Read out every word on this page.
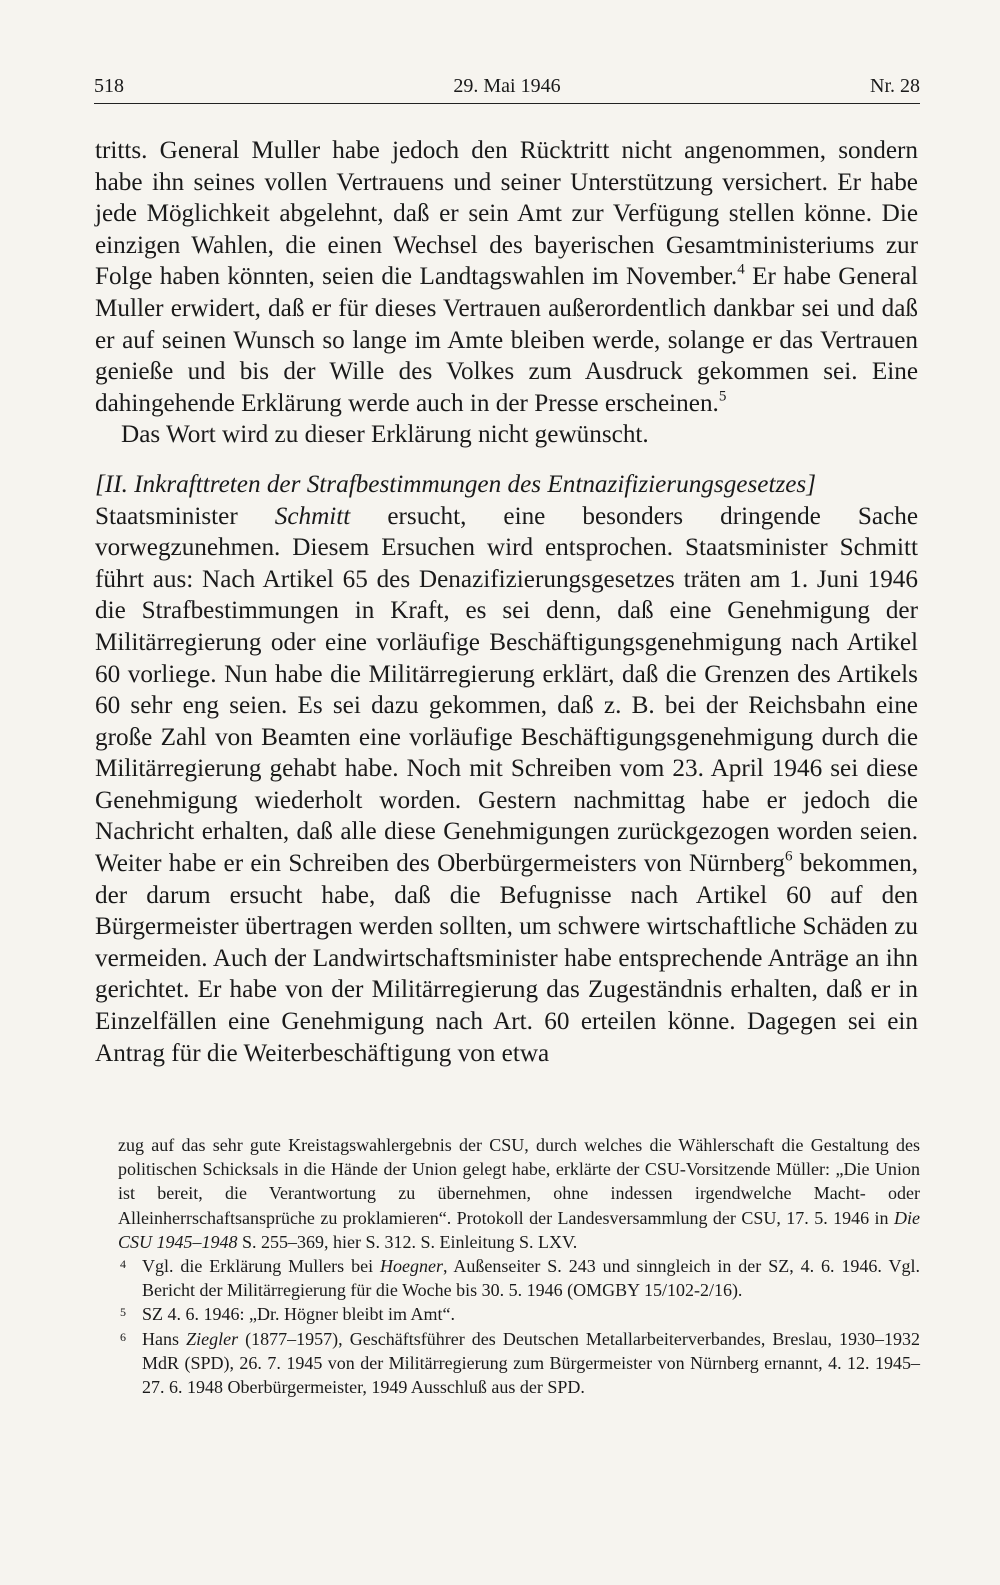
518	29. Mai 1946	Nr. 28

tritts. General Muller habe jedoch den Rücktritt nicht angenommen, sondern habe ihn seines vollen Vertrauens und seiner Unterstützung versichert. Er habe jede Möglichkeit abgelehnt, daß er sein Amt zur Verfügung stellen könne. Die einzigen Wahlen, die einen Wechsel des bayerischen Gesamtministeriums zur Folge haben könnten, seien die Landtagswahlen im November.$^4$ Er habe General Muller erwidert, daß er für dieses Vertrauen außerordentlich dankbar sei und daß er auf seinen Wunsch so lange im Amte bleiben werde, solange er das Vertrauen genieße und bis der Wille des Volkes zum Ausdruck gekommen sei. Eine dahingehende Erklärung werde auch in der Presse erscheinen.$^5$

Das Wort wird zu dieser Erklärung nicht gewünscht.

[II. Inkrafttreten der Strafbestimmungen des Entnazifizierungsgesetzes]

Staatsminister Schmitt ersucht, eine besonders dringende Sache vorwegzunehmen. Diesem Ersuchen wird entsprochen. Staatsminister Schmitt führt aus: Nach Artikel 65 des Denazifizierungsgesetzes träten am 1. Juni 1946 die Strafbestimmungen in Kraft, es sei denn, daß eine Genehmigung der Militärregierung oder eine vorläufige Beschäftigungsgenehmigung nach Artikel 60 vorliege. Nun habe die Militärregierung erklärt, daß die Grenzen des Artikels 60 sehr eng seien. Es sei dazu gekommen, daß z. B. bei der Reichsbahn eine große Zahl von Beamten eine vorläufige Beschäftigungsgenehmigung durch die Militärregierung gehabt habe. Noch mit Schreiben vom 23. April 1946 sei diese Genehmigung wiederholt worden. Gestern nachmittag habe er jedoch die Nachricht erhalten, daß alle diese Genehmigungen zurückgezogen worden seien. Weiter habe er ein Schreiben des Oberbürgermeisters von Nürnberg$^6$ bekommen, der darum ersucht habe, daß die Befugnisse nach Artikel 60 auf den Bürgermeister übertragen werden sollten, um schwere wirtschaftliche Schäden zu vermeiden. Auch der Landwirtschaftsminister habe entsprechende Anträge an ihn gerichtet. Er habe von der Militärregierung das Zugeständnis erhalten, daß er in Einzelfällen eine Genehmigung nach Art. 60 erteilen könne. Dagegen sei ein Antrag für die Weiterbeschäftigung von etwa

zug auf das sehr gute Kreistagswahlergebnis der CSU, durch welches die Wählerschaft die Gestaltung des politischen Schicksals in die Hände der Union gelegt habe, erklärte der CSU-Vorsitzende Müller: „Die Union ist bereit, die Verantwortung zu übernehmen, ohne indessen irgendwelche Macht- oder Alleinherrschaftsansprüche zu proklamieren“. Protokoll der Landesversammlung der CSU, 17. 5. 1946 in Die CSU 1945–1948 S. 255–369, hier S. 312. S. Einleitung S. LXV.

4 Vgl. die Erklärung Mullers bei Hoegner, Außenseiter S. 243 und sinngleich in der SZ, 4. 6. 1946. Vgl. Bericht der Militärregierung für die Woche bis 30. 5. 1946 (OMGBY 15/102-2/16).

5 SZ 4. 6. 1946: „Dr. Högner bleibt im Amt“.

6 Hans Ziegler (1877–1957), Geschäftsführer des Deutschen Metallarbeiterverbandes, Breslau, 1930–1932 MdR (SPD), 26. 7. 1945 von der Militärregierung zum Bürgermeister von Nürnberg ernannt, 4. 12. 1945–27. 6. 1948 Oberbürgermeister, 1949 Ausschluß aus der SPD.
